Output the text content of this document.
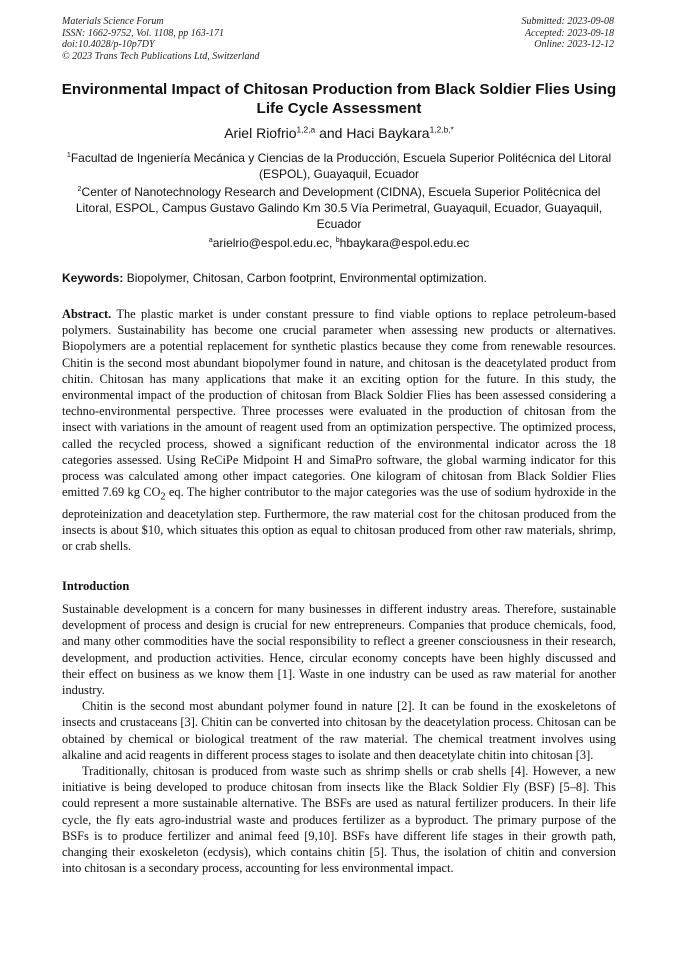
Materials Science Forum
ISSN: 1662-9752, Vol. 1108, pp 163-171
doi:10.4028/p-10p7DY
© 2023 Trans Tech Publications Ltd, Switzerland
Submitted: 2023-09-08
Accepted: 2023-09-18
Online: 2023-12-12
Environmental Impact of Chitosan Production from Black Soldier Flies Using Life Cycle Assessment
Ariel Riofrio$^{1,2,a}$ and Haci Baykara$^{1,2,b,*}$
$^1$Facultad de Ingeniería Mecánica y Ciencias de la Producción, Escuela Superior Politécnica del Litoral (ESPOL), Guayaquil, Ecuador
$^2$Center of Nanotechnology Research and Development (CIDNA), Escuela Superior Politécnica del Litoral, ESPOL, Campus Gustavo Galindo Km 30.5 Vía Perimetral, Guayaquil, Ecuador, Guayaquil, Ecuador
$^a$arielrio@espol.edu.ec, $^b$hbaykara@espol.edu.ec
Keywords: Biopolymer, Chitosan, Carbon footprint, Environmental optimization.

Abstract. The plastic market is under constant pressure to find viable options to replace petroleum-based polymers. Sustainability has become one crucial parameter when assessing new products or alternatives. Biopolymers are a potential replacement for synthetic plastics because they come from renewable resources. Chitin is the second most abundant biopolymer found in nature, and chitosan is the deacetylated product from chitin. Chitosan has many applications that make it an exciting option for the future. In this study, the environmental impact of the production of chitosan from Black Soldier Flies has been assessed considering a techno-environmental perspective. Three processes were evaluated in the production of chitosan from the insect with variations in the amount of reagent used from an optimization perspective. The optimized process, called the recycled process, showed a significant reduction of the environmental indicator across the 18 categories assessed. Using ReCiPe Midpoint H and SimaPro software, the global warming indicator for this process was calculated among other impact categories. One kilogram of chitosan from Black Soldier Flies emitted 7.69 kg $CO_2$ eq. The higher contributor to the major categories was the use of sodium hydroxide in the deproteinization and deacetylation step. Furthermore, the raw material cost for the chitosan produced from the insects is about $10, which situates this option as equal to chitosan produced from other raw materials, shrimp, or crab shells.

Introduction

Sustainable development is a concern for many businesses in different industry areas. Therefore, sustainable development of process and design is crucial for new entrepreneurs. Companies that produce chemicals, food, and many other commodities have the social responsibility to reflect a greener consciousness in their research, development, and production activities. Hence, circular economy concepts have been highly discussed and their effect on business as we know them [1]. Waste in one industry can be used as raw material for another industry.

Chitin is the second most abundant polymer found in nature [2]. It can be found in the exoskeletons of insects and crustaceans [3]. Chitin can be converted into chitosan by the deacetylation process. Chitosan can be obtained by chemical or biological treatment of the raw material. The chemical treatment involves using alkaline and acid reagents in different process stages to isolate and then deacetylate chitin into chitosan [3].

Traditionally, chitosan is produced from waste such as shrimp shells or crab shells [4]. However, a new initiative is being developed to produce chitosan from insects like the Black Soldier Fly (BSF) [5–8]. This could represent a more sustainable alternative. The BSFs are used as natural fertilizer producers. In their life cycle, the fly eats agro-industrial waste and produces fertilizer as a byproduct. The primary purpose of the BSFs is to produce fertilizer and animal feed [9,10]. BSFs have different life stages in their growth path, changing their exoskeleton (ecdysis), which contains chitin [5]. Thus, the isolation of chitin and conversion into chitosan is a secondary process, accounting for less environmental impact.
